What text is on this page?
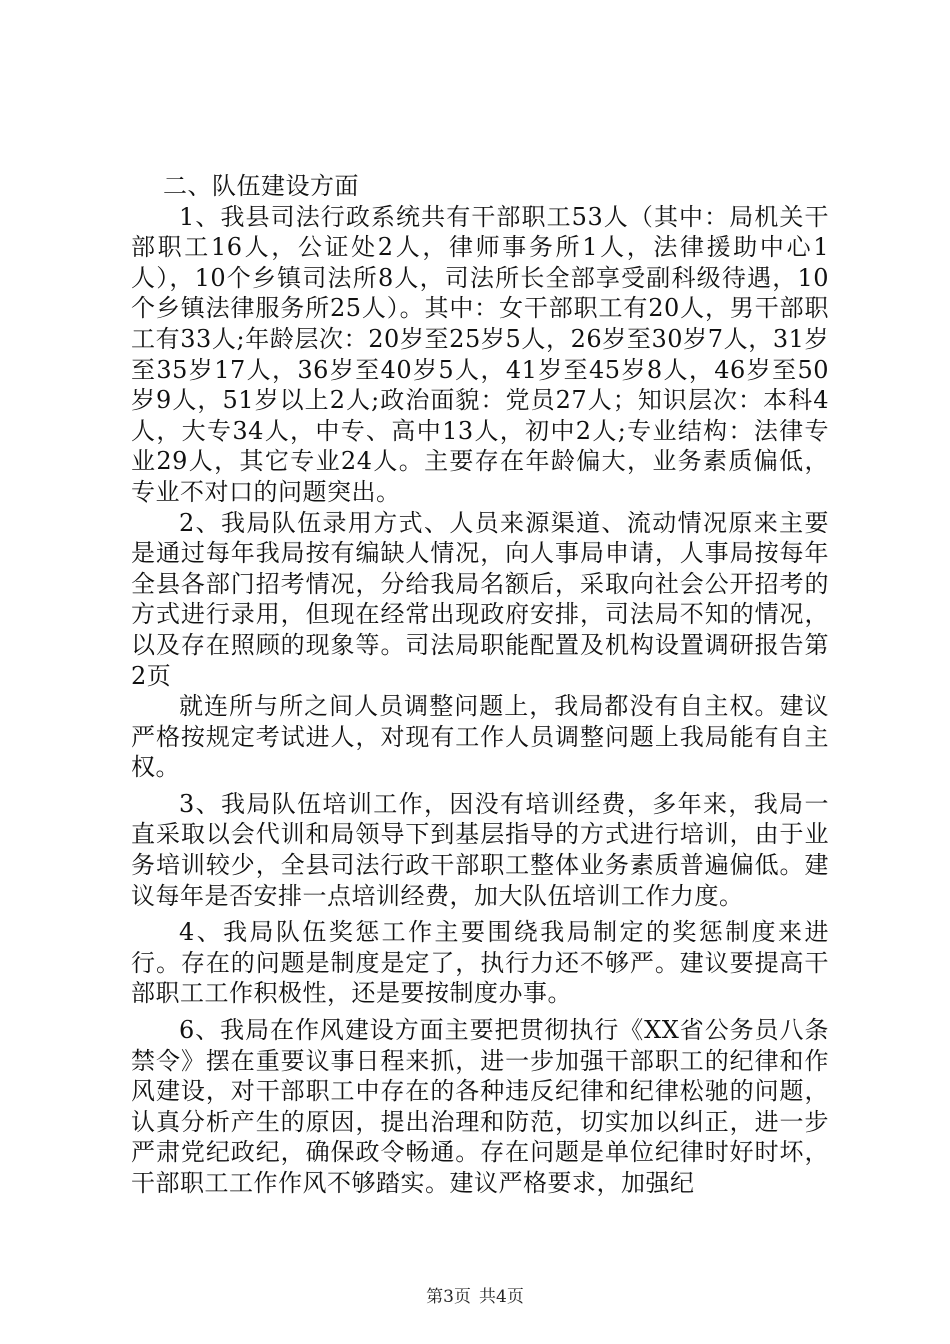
二、队伍建设方面

1、我县司法行政系统共有干部职工53人（其中：局机关干部职工16人，公证处2人，律师事务所1人，法律援助中心1人），10个乡镇司法所8人，司法所长全部享受副科级待遇，10个乡镇法律服务所25人）。其中：女干部职工有20人，男干部职工有33人;年龄层次：20岁至25岁5人，26岁至30岁7人，31岁至35岁17人，36岁至40岁5人，41岁至45岁8人，46岁至50岁9人，51岁以上2人;政治面貌：党员27人；知识层次：本科4人，大专34人，中专、高中13人，初中2人;专业结构：法律专业29人，其它专业24人。主要存在年龄偏大，业务素质偏低，专业不对口的问题突出。

2、我局队伍录用方式、人员来源渠道、流动情况原来主要是通过每年我局按有编缺人情况，向人事局申请，人事局按每年全县各部门招考情况，分给我局名额后，采取向社会公开招考的方式进行录用，但现在经常出现政府安排，司法局不知的情况，以及存在照顾的现象等。司法局职能配置及机构设置调研报告第2页

就连所与所之间人员调整问题上，我局都没有自主权。建议严格按规定考试进人，对现有工作人员调整问题上我局能有自主权。

3、我局队伍培训工作，因没有培训经费，多年来，我局一直采取以会代训和局领导下到基层指导的方式进行培训，由于业务培训较少，全县司法行政干部职工整体业务素质普遍偏低。建议每年是否安排一点培训经费，加大队伍培训工作力度。

4、我局队伍奖惩工作主要围绕我局制定的奖惩制度来进行。存在的问题是制度是定了，执行力还不够严。建议要提高干部职工工作积极性，还是要按制度办事。

6、我局在作风建设方面主要把贯彻执行《XX省公务员八条禁令》摆在重要议事日程来抓，进一步加强干部职工的纪律和作风建设，对干部职工中存在的各种违反纪律和纪律松驰的问题，认真分析产生的原因，提出治理和防范，切实加以纠正，进一步严肃党纪政纪，确保政令畅通。存在问题是单位纪律时好时坏，干部职工工作作风不够踏实。建议严格要求，加强纪

第3页 共4页
